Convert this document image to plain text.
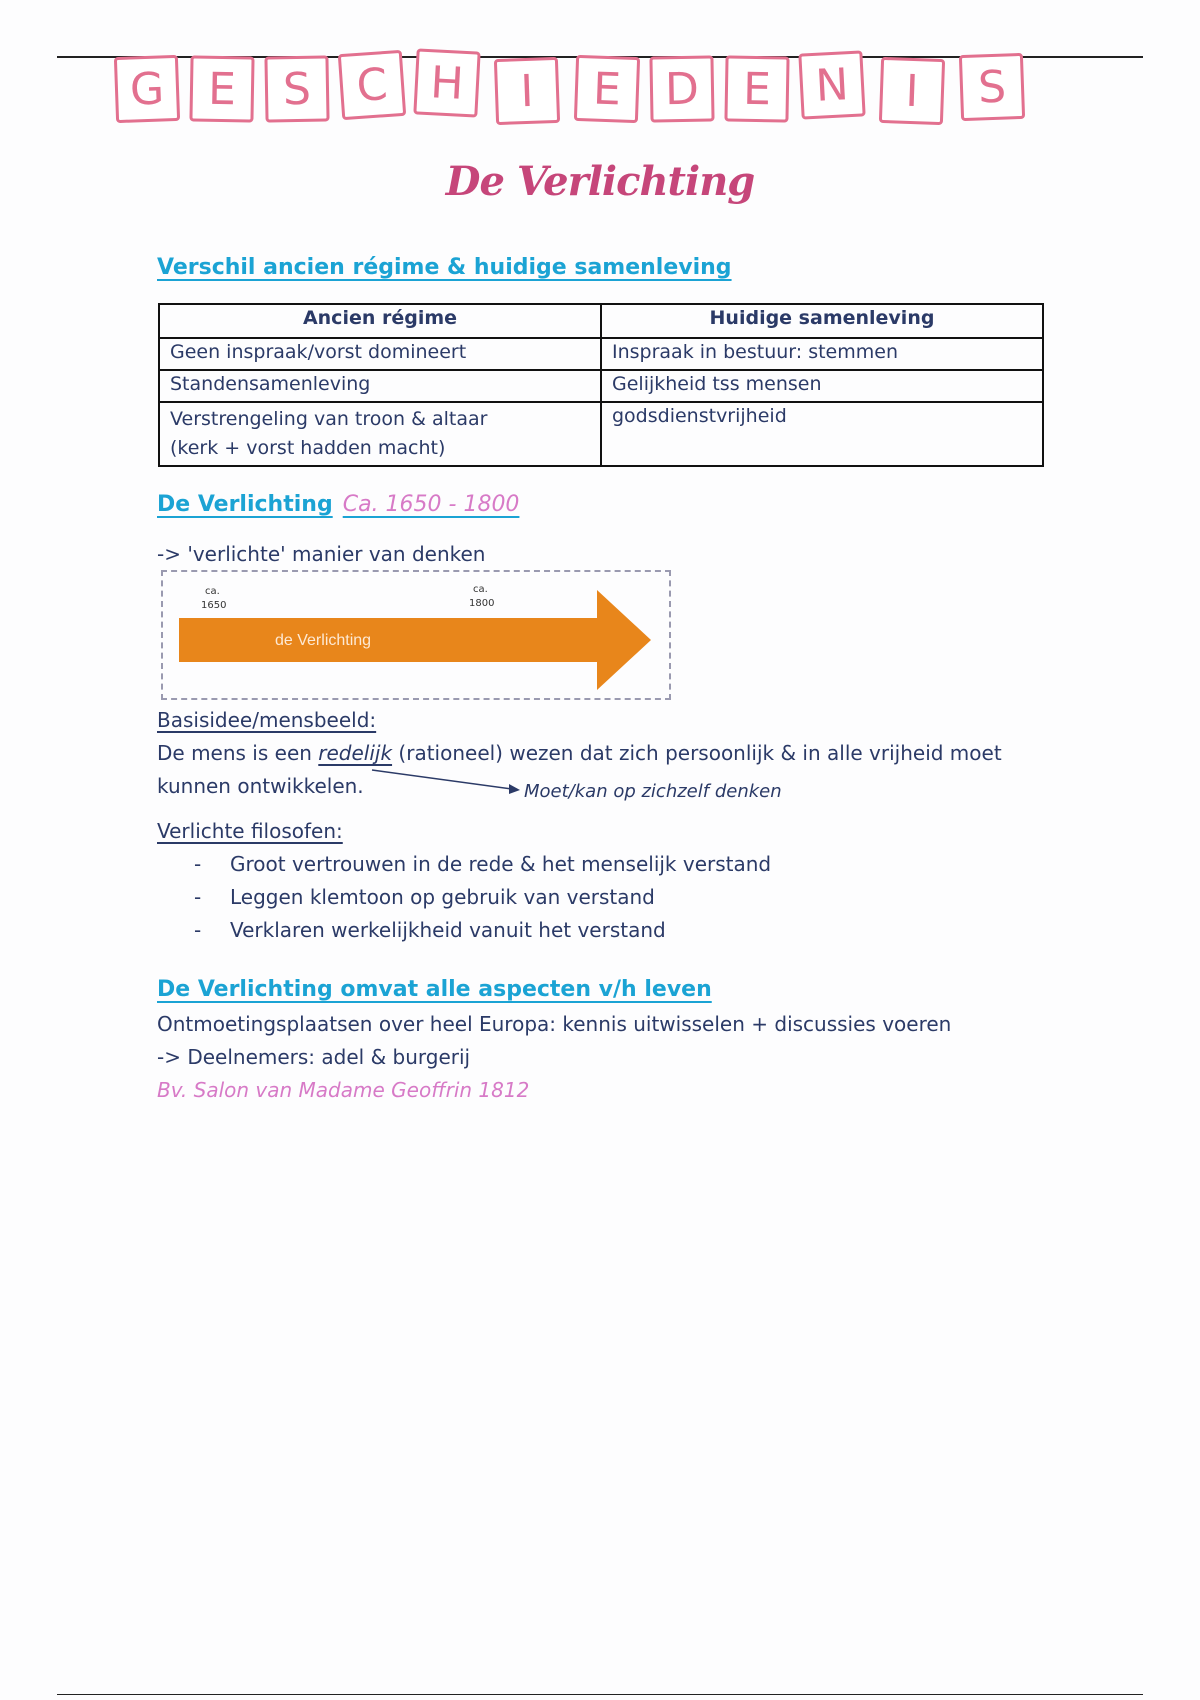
G E	S C H	I	E D E N	I	S
De Verlichting
Verschil ancien régime & huidige samenleving
Ancien régime	Huidige samenleving
Geen inspraak/vorst domineert	Inspraak in bestuur: stemmen
Standensamenleving	Gelijkheid tss mensen

Verstrengeling van troon & altaar
(kerk + vorst hadden macht)	godsdienstvrijheid
De Verlichting Ca. 1650 - 1800
-> 'verlichte' manier van denken
ca.
1650
ca.
1800
de Verlichting
Basisidee/mensbeeld:
De mens is een redelijk (rationeel) wezen dat zich persoonlijk & in alle vrijheid moet
kunnen ontwikkelen.	Moet/kan op zichzelf denken
Verlichte filosofen:
- Groot vertrouwen in de rede & het menselijk verstand
- Leggen klemtoon op gebruik van verstand
- Verklaren werkelijkheid vanuit het verstand
De Verlichting omvat alle aspecten v/h leven
Ontmoetingsplaatsen over heel Europa: kennis uitwisselen + discussies voeren
-> Deelnemers: adel & burgerij
Bv. Salon van Madame Geoffrin 1812
